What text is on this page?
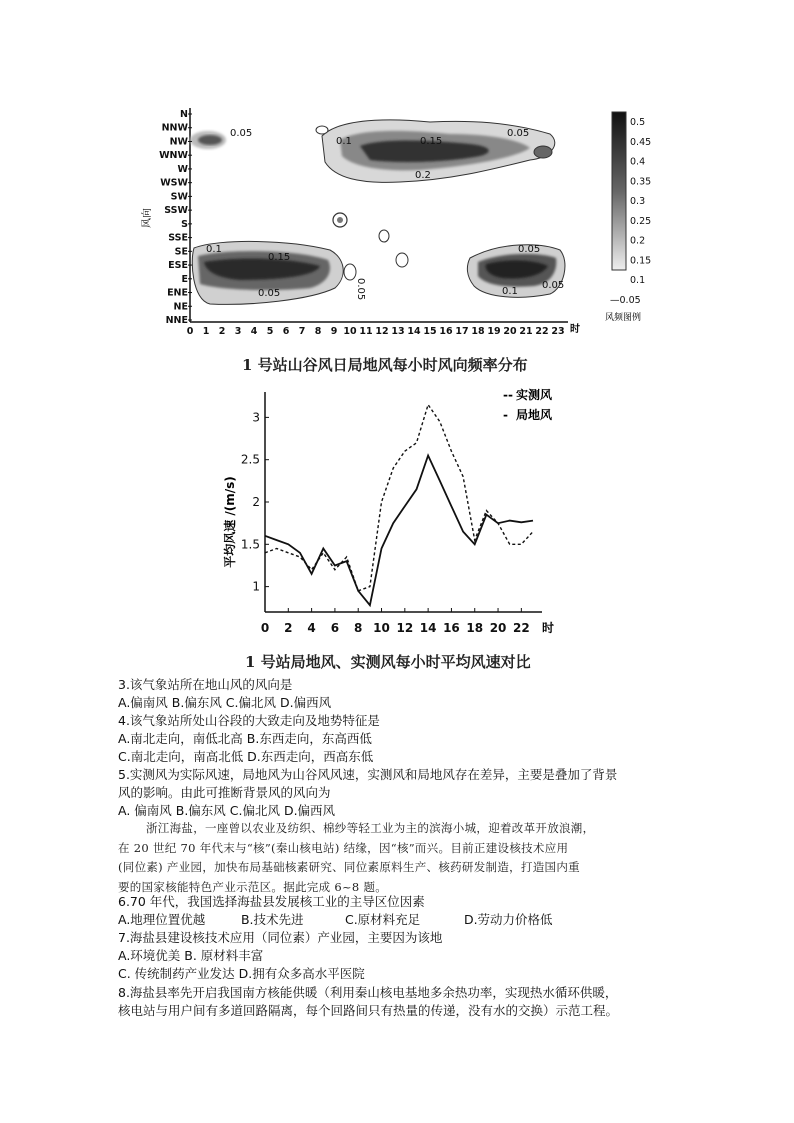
0.05
0.1	0.15
0.05
0.2
0.1
0.15
0.05
0.05
0.05
0.1
0.05
N
NNW
NW
WNW
W
WSW
SW
SSW
S
SSE
SE
ESE
E
ENE
NE
NNE
0 1 2 3 4 5 6 7 8 9 10 11 12 13 14 15 16 17 18 19 20 21 22 23 时
风向
0.5
0.45
0.4
0.35
0.3
0.25
0.2
0.15
0.1
—0.05
风频图例
1 号站山谷风日局地风每小时风向频率分布
1
1.5
2
2.5
3
0 2 4 6 8 10 12 14 16 18 20 22 时
平均风速 /(m/s)
-- 实测风
- 局地风
1 号站局地风、实测风每小时平均风速对比
3.该气象站所在地山风的风向是
A.偏南风 B.偏东风 C.偏北风 D.偏西风
4.该气象站所处山谷段的大致走向及地势特征是
A.南北走向，南低北高 B.东西走向，东高西低
C.南北走向，南高北低 D.东西走向，西高东低
5.实测风为实际风速，局地风为山谷风风速，实测风和局地风存在差异，主要是叠加了背景
风的影响。由此可推断背景风的风向为
A. 偏南风 B.偏东风 C.偏北风 D.偏西风

浙江海盐，一座曾以农业及纺织、棉纱等轻工业为主的滨海小城，迎着改革开放浪潮，

在 20 世纪 70 年代末与“核”(秦山核电站) 结缘，因“核”而兴。目前正建设核技术应用

(同位素) 产业园，加快布局基础核素研究、同位素原料生产、核药研发制造，打造国内重

要的国家核能特色产业示范区。据此完成 6~8 题。

6.70 年代，我国选择海盐县发展核工业的主导区位因素
A.地理位置优越	B.技术先进	C.原材料充足	D.劳动力价格低
7.海盐县建设核技术应用（同位素）产业园，主要因为该地
A.环境优美 B. 原材料丰富
C. 传统制药产业发达 D.拥有众多高水平医院
8.海盐县率先开启我国南方核能供暖（利用秦山核电基地多余热功率，实现热水循环供暖，
核电站与用户间有多道回路隔离，每个回路间只有热量的传递，没有水的交换）示范工程。
